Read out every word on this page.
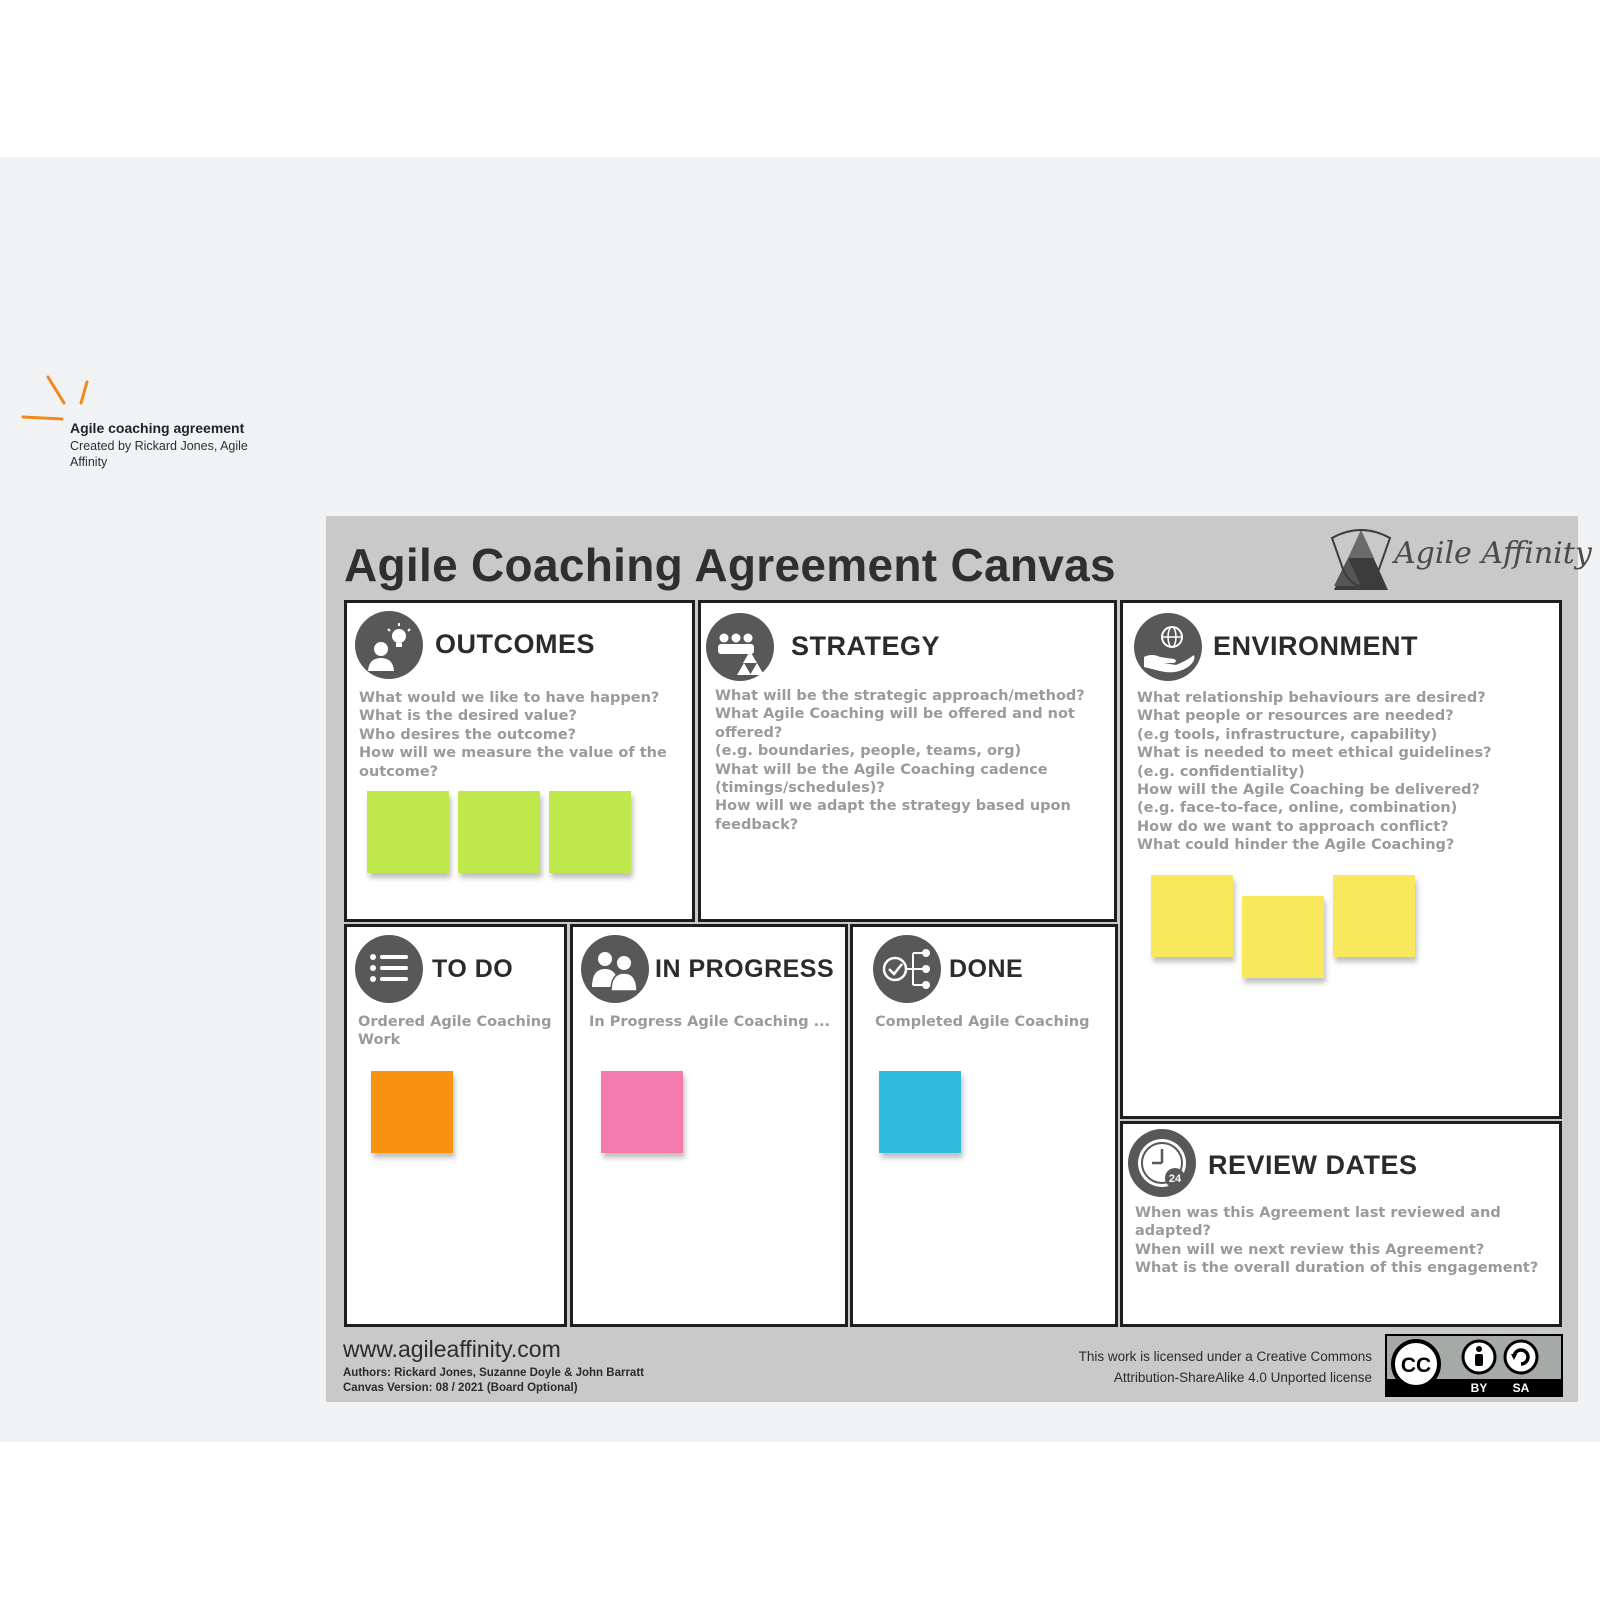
Agile coaching agreement
Created by Rickard Jones, Agile Affinity
Agile Coaching Agreement Canvas	Agile Affinity
OUTCOMES
What would we like to have happen?
What is the desired value?
Who desires the outcome?
How will we measure the value of the
outcome?
STRATEGY
What will be the strategic approach/method?
What Agile Coaching will be offered and not
offered?
(e.g. boundaries, people, teams, org)
What will be the Agile Coaching cadence
(timings/schedules)?
How will we adapt the strategy based upon
feedback?
ENVIRONMENT
What relationship behaviours are desired?
What people or resources are needed?
(e.g tools, infrastructure, capability)
What is needed to meet ethical guidelines?
(e.g. confidentiality)
How will the Agile Coaching be delivered?
(e.g. face-to-face, online, combination)
How do we want to approach conflict?
What could hinder the Agile Coaching?
TO DO
Ordered Agile Coaching
Work
IN PROGRESS
In Progress Agile Coaching ...
DONE
Completed Agile Coaching
24 REVIEW DATES
When was this Agreement last reviewed and
adapted?
When will we next review this Agreement?
What is the overall duration of this engagement?
www.agileaffinity.com
Authors: Rickard Jones, Suzanne Doyle & John Barratt
Canvas Version: 08 / 2021 (Board Optional)
This work is licensed under a Creative Commons
Attribution-ShareAlike 4.0 Unported license
CC
BY SA
